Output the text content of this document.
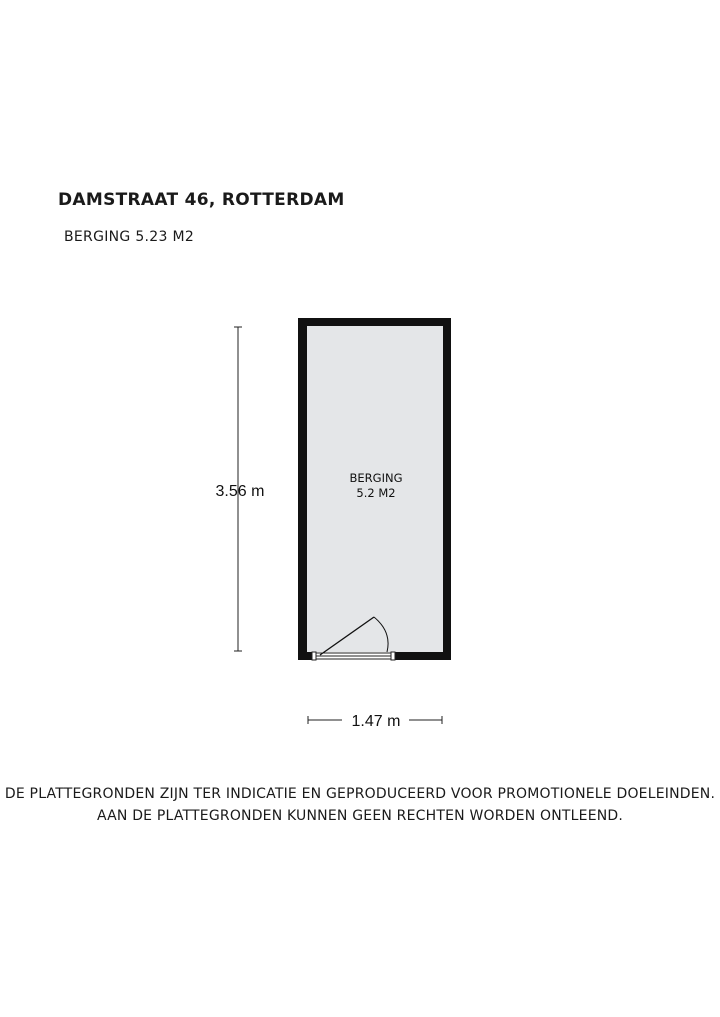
DAMSTRAAT 46, ROTTERDAM
BERGING 5.23 M2
3.56 m
1.47 m
BERGING
5.2 M2
DE PLATTEGRONDEN ZIJN TER INDICATIE EN GEPRODUCEERD VOOR PROMOTIONELE DOELEINDEN.
AAN DE PLATTEGRONDEN KUNNEN GEEN RECHTEN WORDEN ONTLEEND.
